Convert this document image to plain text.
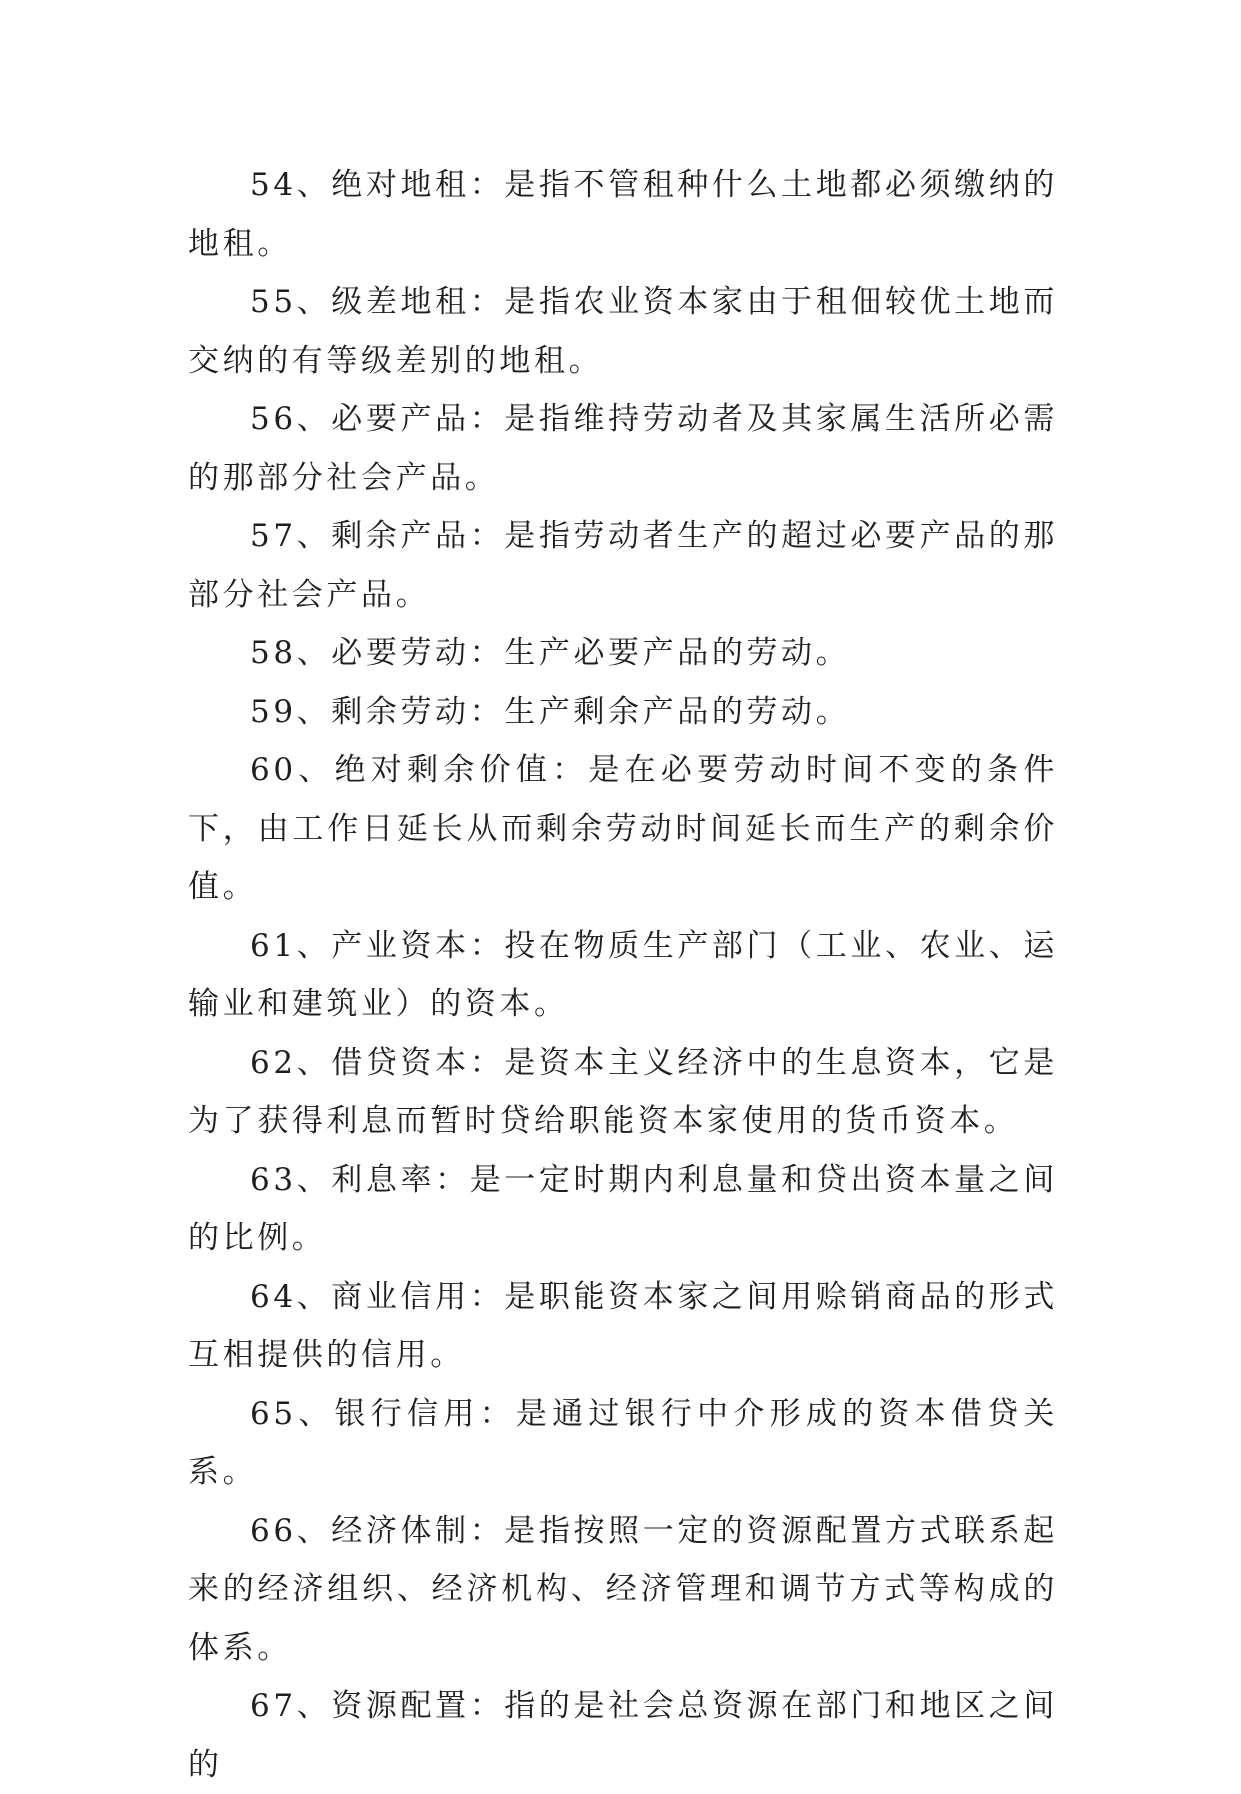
54、绝对地租：是指不管租种什么土地都必须缴纳的地租。

55、级差地租：是指农业资本家由于租佃较优土地而交纳的有等级差别的地租。

56、必要产品：是指维持劳动者及其家属生活所必需的那部分社会产品。

57、剩余产品：是指劳动者生产的超过必要产品的那部分社会产品。

58、必要劳动：生产必要产品的劳动。

59、剩余劳动：生产剩余产品的劳动。

60、绝对剩余价值：是在必要劳动时间不变的条件下，由工作日延长从而剩余劳动时间延长而生产的剩余价值。

61、产业资本：投在物质生产部门（工业、农业、运输业和建筑业）的资本。

62、借贷资本：是资本主义经济中的生息资本，它是为了获得利息而暂时贷给职能资本家使用的货币资本。

63、利息率：是一定时期内利息量和贷出资本量之间的比例。

64、商业信用：是职能资本家之间用赊销商品的形式互相提供的信用。

65、银行信用：是通过银行中介形成的资本借贷关系。

66、经济体制：是指按照一定的资源配置方式联系起来的经济组织、经济机构、经济管理和调节方式等构成的体系。

67、资源配置：指的是社会总资源在部门和地区之间的
